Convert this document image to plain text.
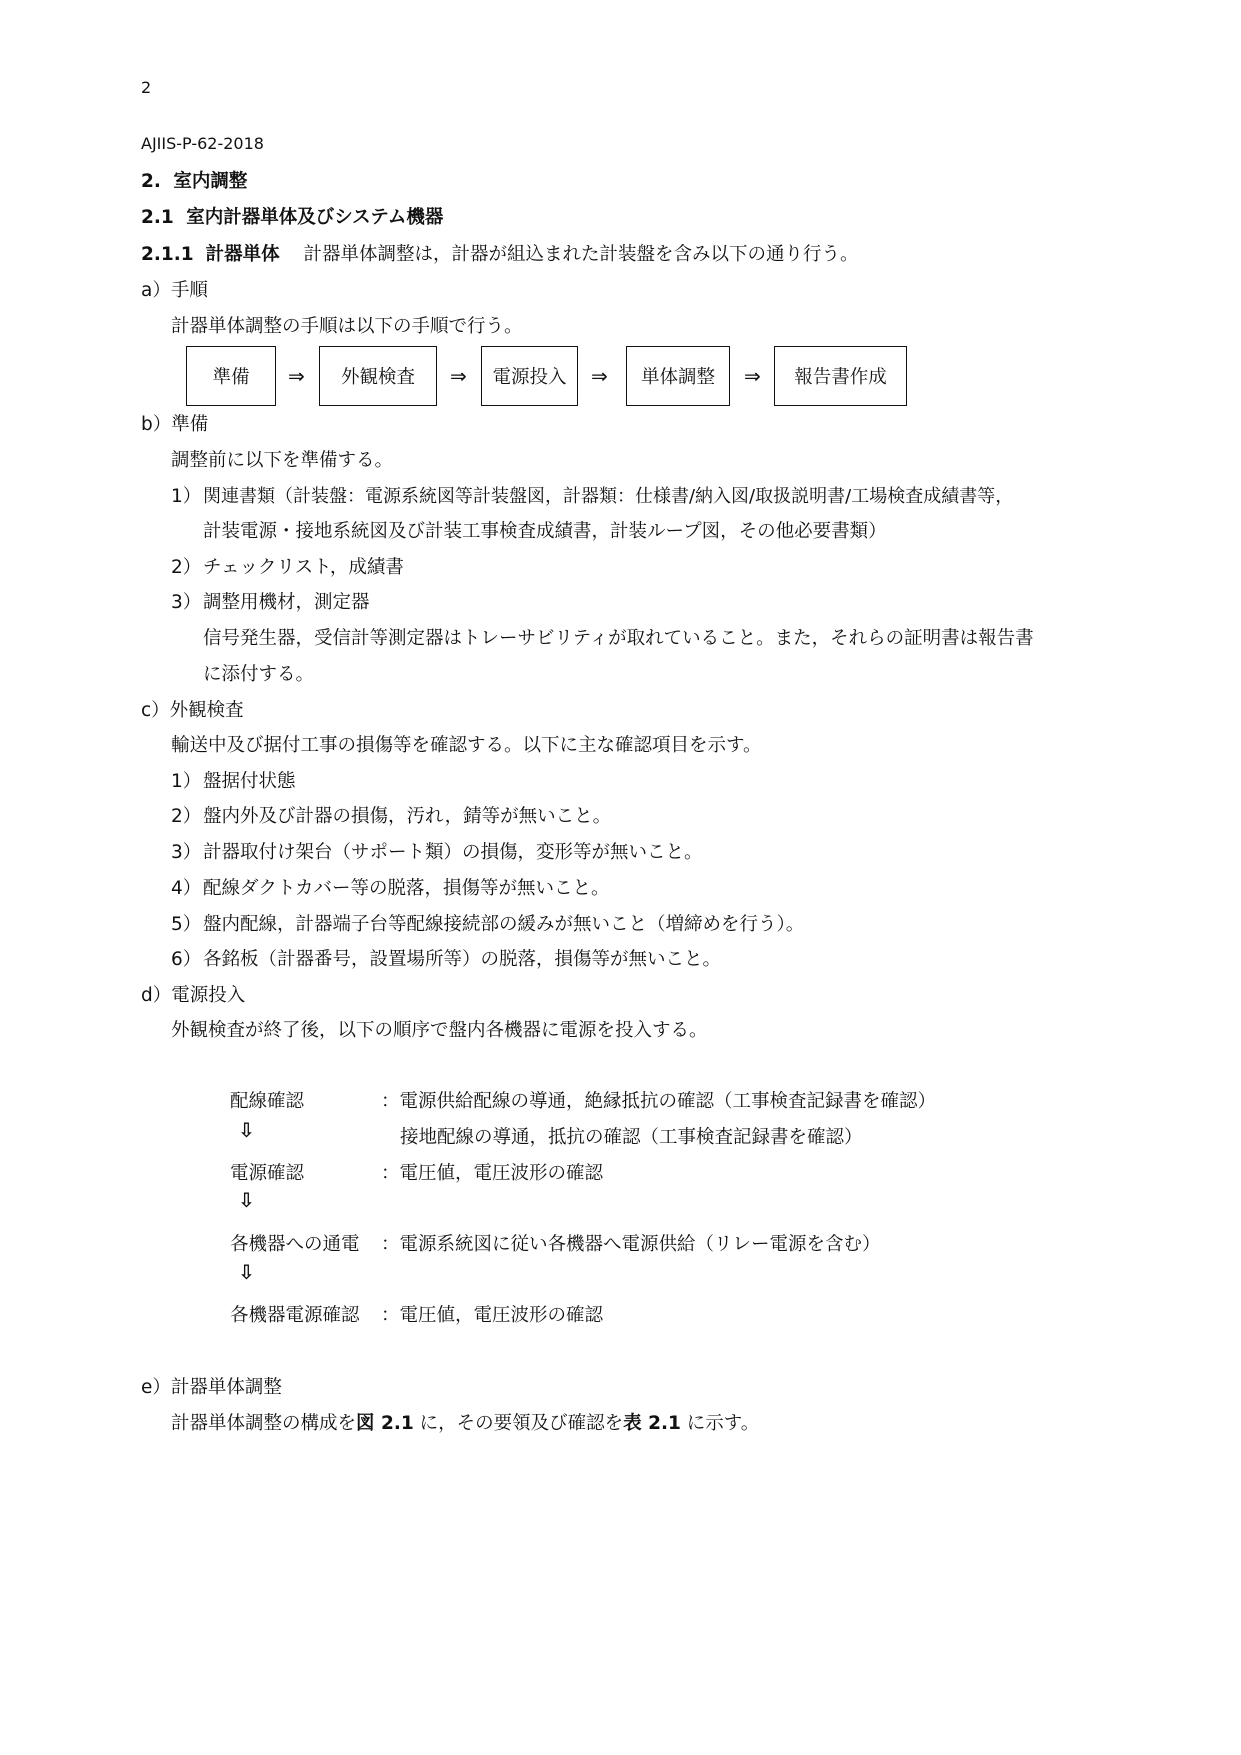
2
AJIIS-P-62-2018
2. 室内調整
2.1 室内計器単体及びシステム機器
2.1.1 計器単体 計器単体調整は，計器が組込まれた計装盤を含み以下の通り行う。
a）手順
計器単体調整の手順は以下の手順で行う。
準備	⇒	外観検査	⇒	電源投入	⇒	単体調整	⇒	報告書作成
b）準備
調整前に以下を準備する。
1） 関連書類（計装盤：電源系統図等計装盤図，計器類：仕様書/納入図/取扱説明書/工場検査成績書等，
計装電源・接地系統図及び計装工事検査成績書，計装ループ図，その他必要書類）
2） チェックリスト，成績書
3） 調整用機材，測定器
信号発生器，受信計等測定器はトレーサビリティが取れていること。また，それらの証明書は報告書
に添付する。
c）外観検査
輸送中及び据付工事の損傷等を確認する。以下に主な確認項目を示す。
1） 盤据付状態
2） 盤内外及び計器の損傷，汚れ，錆等が無いこと。
3） 計器取付け架台（サポート類）の損傷，変形等が無いこと。
4） 配線ダクトカバー等の脱落，損傷等が無いこと。
5） 盤内配線，計器端子台等配線接続部の緩みが無いこと（増締めを行う）。
6） 各銘板（計器番号，設置場所等）の脱落，損傷等が無いこと。
d）電源投入
外観検査が終了後，以下の順序で盤内各機器に電源を投入する。
配線確認	：電源供給配線の導通，絶縁抵抗の確認（工事検査記録書を確認）
⇩	接地配線の導通，抵抗の確認（工事検査記録書を確認）
電源確認	：電圧値，電圧波形の確認
⇩
各機器への通電 ：電源系統図に従い各機器へ電源供給（リレー電源を含む）
⇩
各機器電源確認 ：電圧値，電圧波形の確認
e）計器単体調整
計器単体調整の構成を図 2.1 に，その要領及び確認を表 2.1 に示す。
